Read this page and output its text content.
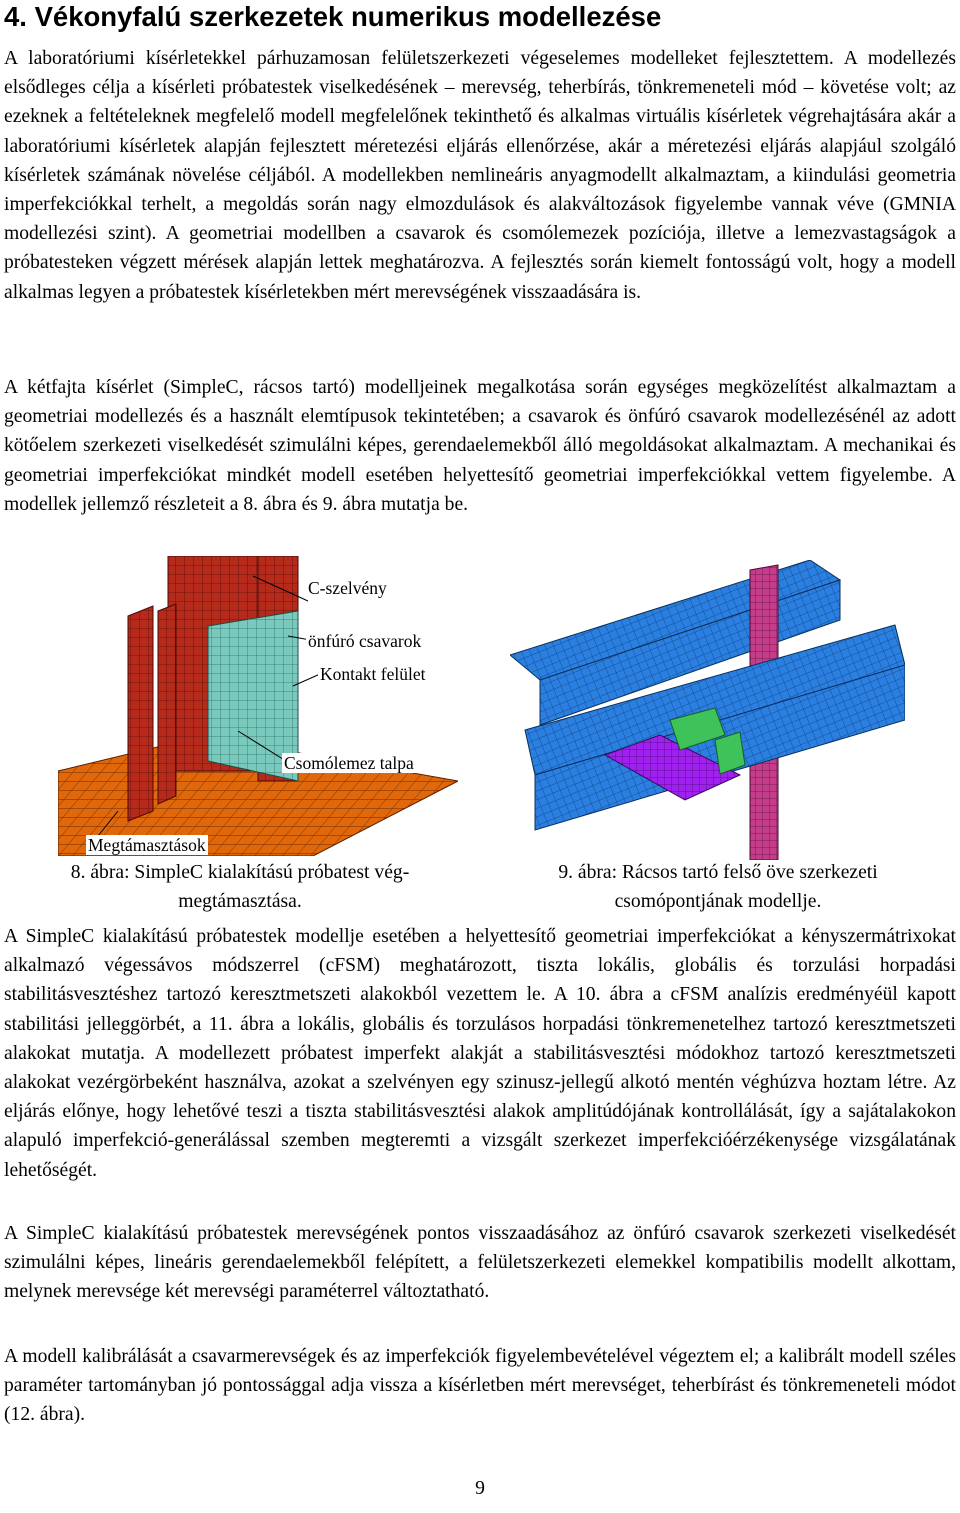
4. Vékonyfalú szerkezetek numerikus modellezése

A laboratóriumi kísérletekkel párhuzamosan felületszerkezeti végeselemes modelleket fejlesztettem. A modellezés elsődleges célja a kísérleti próbatestek viselkedésének – merevség, teherbírás, tönkremeneteli mód – követése volt; az ezeknek a feltételeknek megfelelő modell megfelelőnek tekinthető és alkalmas virtuális kísérletek végrehajtására akár a laboratóriumi kísérletek alapján fejlesztett méretezési eljárás ellenőrzése, akár a méretezési eljárás alapjául szolgáló kísérletek számának növelése céljából. A modellekben nemlineáris anyagmodellt alkalmaztam, a kiindulási geometria imperfekciókkal terhelt, a megoldás során nagy elmozdulások és alakváltozások figyelembe vannak véve (GMNIA modellezési szint). A geometriai modellben a csavarok és csomólemezek pozíciója, illetve a lemezvastagságok a próbatesteken végzett mérések alapján lettek meghatározva. A fejlesztés során kiemelt fontosságú volt, hogy a modell alkalmas legyen a próbatestek kísérletekben mért merevségének visszaadására is.

A kétfajta kísérlet (SimpleC, rácsos tartó) modelljeinek megalkotása során egységes megközelítést alkalmaztam a geometriai modellezés és a használt elemtípusok tekintetében; a csavarok és önfúró csavarok modellezésénél az adott kötőelem szerkezeti viselkedését szimulálni képes, gerendaelemekből álló megoldásokat alkalmaztam. A mechanikai és geometriai imperfekciókat mindkét modell esetében helyettesítő geometriai imperfekciókkal vettem figyelembe. A modellek jellemző részleteit a 8. ábra és 9. ábra mutatja be.

C-szelvény
önfúró csavarok
Kontakt felület
Csomólemez talpa
Megtámasztások
8. ábra: SimpleC kialakítású próbatest vég-
megtámasztása.
9. ábra: Rácsos tartó felső öve szerkezeti
csomópontjának modellje.

A SimpleC kialakítású próbatestek modellje esetében a helyettesítő geometriai imperfekciókat a kényszermátrixokat alkalmazó végessávos módszerrel (cFSM) meghatározott, tiszta lokális, globális és torzulási horpadási stabilitásvesztéshez tartozó keresztmetszeti alakokból vezettem le. A 10. ábra a cFSM analízis eredményéül kapott stabilitási jelleggörbét, a 11. ábra a lokális, globális és torzulásos horpadási tönkremenetelhez tartozó keresztmetszeti alakokat mutatja. A modellezett próbatest imperfekt alakját a stabilitásvesztési módokhoz tartozó keresztmetszeti alakokat vezérgörbeként használva, azokat a szelvényen egy szinusz-jellegű alkotó mentén véghúzva hoztam létre. Az eljárás előnye, hogy lehetővé teszi a tiszta stabilitásvesztési alakok amplitúdójának kontrollálását, így a sajátalakokon alapuló imperfekció-generálással szemben megteremti a vizsgált szerkezet imperfekcióérzékenysége vizsgálatának lehetőségét.

A SimpleC kialakítású próbatestek merevségének pontos visszaadásához az önfúró csavarok szerkezeti viselkedését szimulálni képes, lineáris gerendaelemekből felépített, a felületszerkezeti elemekkel kompatibilis modellt alkottam, melynek merevsége két merevségi paraméterrel változtatható.

A modell kalibrálását a csavarmerevségek és az imperfekciók figyelembevételével végeztem el; a kalibrált modell széles paraméter tartományban jó pontossággal adja vissza a kísérletben mért merevséget, teherbírást és tönkremeneteli módot (12. ábra).

9
